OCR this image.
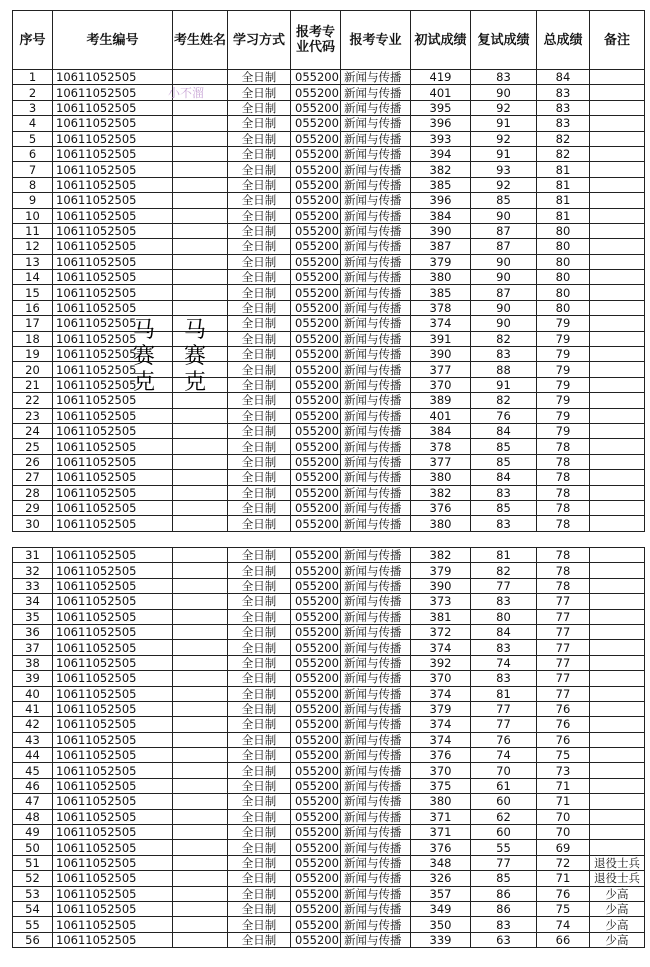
序号	考生编号	考生姓名	学习方式	报考专业代码	报考专业	初试成绩	复试成绩	总成绩	备注
1	10611052505		全日制	055200	新闻与传播	419	83	84	
2	10611052505		全日制	055200	新闻与传播	401	90	83	
3	10611052505		全日制	055200	新闻与传播	395	92	83	
4	10611052505		全日制	055200	新闻与传播	396	91	83	
5	10611052505		全日制	055200	新闻与传播	393	92	82	
6	10611052505		全日制	055200	新闻与传播	394	91	82	
7	10611052505		全日制	055200	新闻与传播	382	93	81	
8	10611052505		全日制	055200	新闻与传播	385	92	81	
9	10611052505		全日制	055200	新闻与传播	396	85	81	
10	10611052505		全日制	055200	新闻与传播	384	90	81	
11	10611052505		全日制	055200	新闻与传播	390	87	80	
12	10611052505		全日制	055200	新闻与传播	387	87	80	
13	10611052505		全日制	055200	新闻与传播	379	90	80	
14	10611052505		全日制	055200	新闻与传播	380	90	80	
15	10611052505		全日制	055200	新闻与传播	385	87	80	
16	10611052505		全日制	055200	新闻与传播	378	90	80	
17	10611052505		全日制	055200	新闻与传播	374	90	79	
18	10611052505		全日制	055200	新闻与传播	391	82	79	
19	10611052505		全日制	055200	新闻与传播	390	83	79	
20	10611052505		全日制	055200	新闻与传播	377	88	79	
21	10611052505		全日制	055200	新闻与传播	370	91	79	
22	10611052505		全日制	055200	新闻与传播	389	82	79	
23	10611052505		全日制	055200	新闻与传播	401	76	79	
24	10611052505		全日制	055200	新闻与传播	384	84	79	
25	10611052505		全日制	055200	新闻与传播	378	85	78	
26	10611052505		全日制	055200	新闻与传播	377	85	78	
27	10611052505		全日制	055200	新闻与传播	380	84	78	
28	10611052505		全日制	055200	新闻与传播	382	83	78	
29	10611052505		全日制	055200	新闻与传播	376	85	78	
30	10611052505		全日制	055200	新闻与传播	380	83	78	
31	10611052505		全日制	055200	新闻与传播	382	81	78	
32	10611052505		全日制	055200	新闻与传播	379	82	78	
33	10611052505		全日制	055200	新闻与传播	390	77	78	
34	10611052505		全日制	055200	新闻与传播	373	83	77	
35	10611052505		全日制	055200	新闻与传播	381	80	77	
36	10611052505		全日制	055200	新闻与传播	372	84	77	
37	10611052505		全日制	055200	新闻与传播	374	83	77	
38	10611052505		全日制	055200	新闻与传播	392	74	77	
39	10611052505		全日制	055200	新闻与传播	370	83	77	
40	10611052505		全日制	055200	新闻与传播	374	81	77	
41	10611052505		全日制	055200	新闻与传播	379	77	76	
42	10611052505		全日制	055200	新闻与传播	374	77	76	
43	10611052505		全日制	055200	新闻与传播	374	76	76	
44	10611052505		全日制	055200	新闻与传播	376	74	75	
45	10611052505		全日制	055200	新闻与传播	370	70	73	
46	10611052505		全日制	055200	新闻与传播	375	61	71	
47	10611052505		全日制	055200	新闻与传播	380	60	71	
48	10611052505		全日制	055200	新闻与传播	371	62	70	
49	10611052505		全日制	055200	新闻与传播	371	60	70	
50	10611052505		全日制	055200	新闻与传播	376	55	69	
51	10611052505		全日制	055200	新闻与传播	348	77	72	退役士兵
52	10611052505		全日制	055200	新闻与传播	326	85	71	退役士兵
53	10611052505		全日制	055200	新闻与传播	357	86	76	少高
54	10611052505		全日制	055200	新闻与传播	349	86	75	少高
55	10611052505		全日制	055200	新闻与传播	350	83	74	少高
56	10611052505		全日制	055200	新闻与传播	339	63	66	少高
小不溜
马赛克
马赛克
